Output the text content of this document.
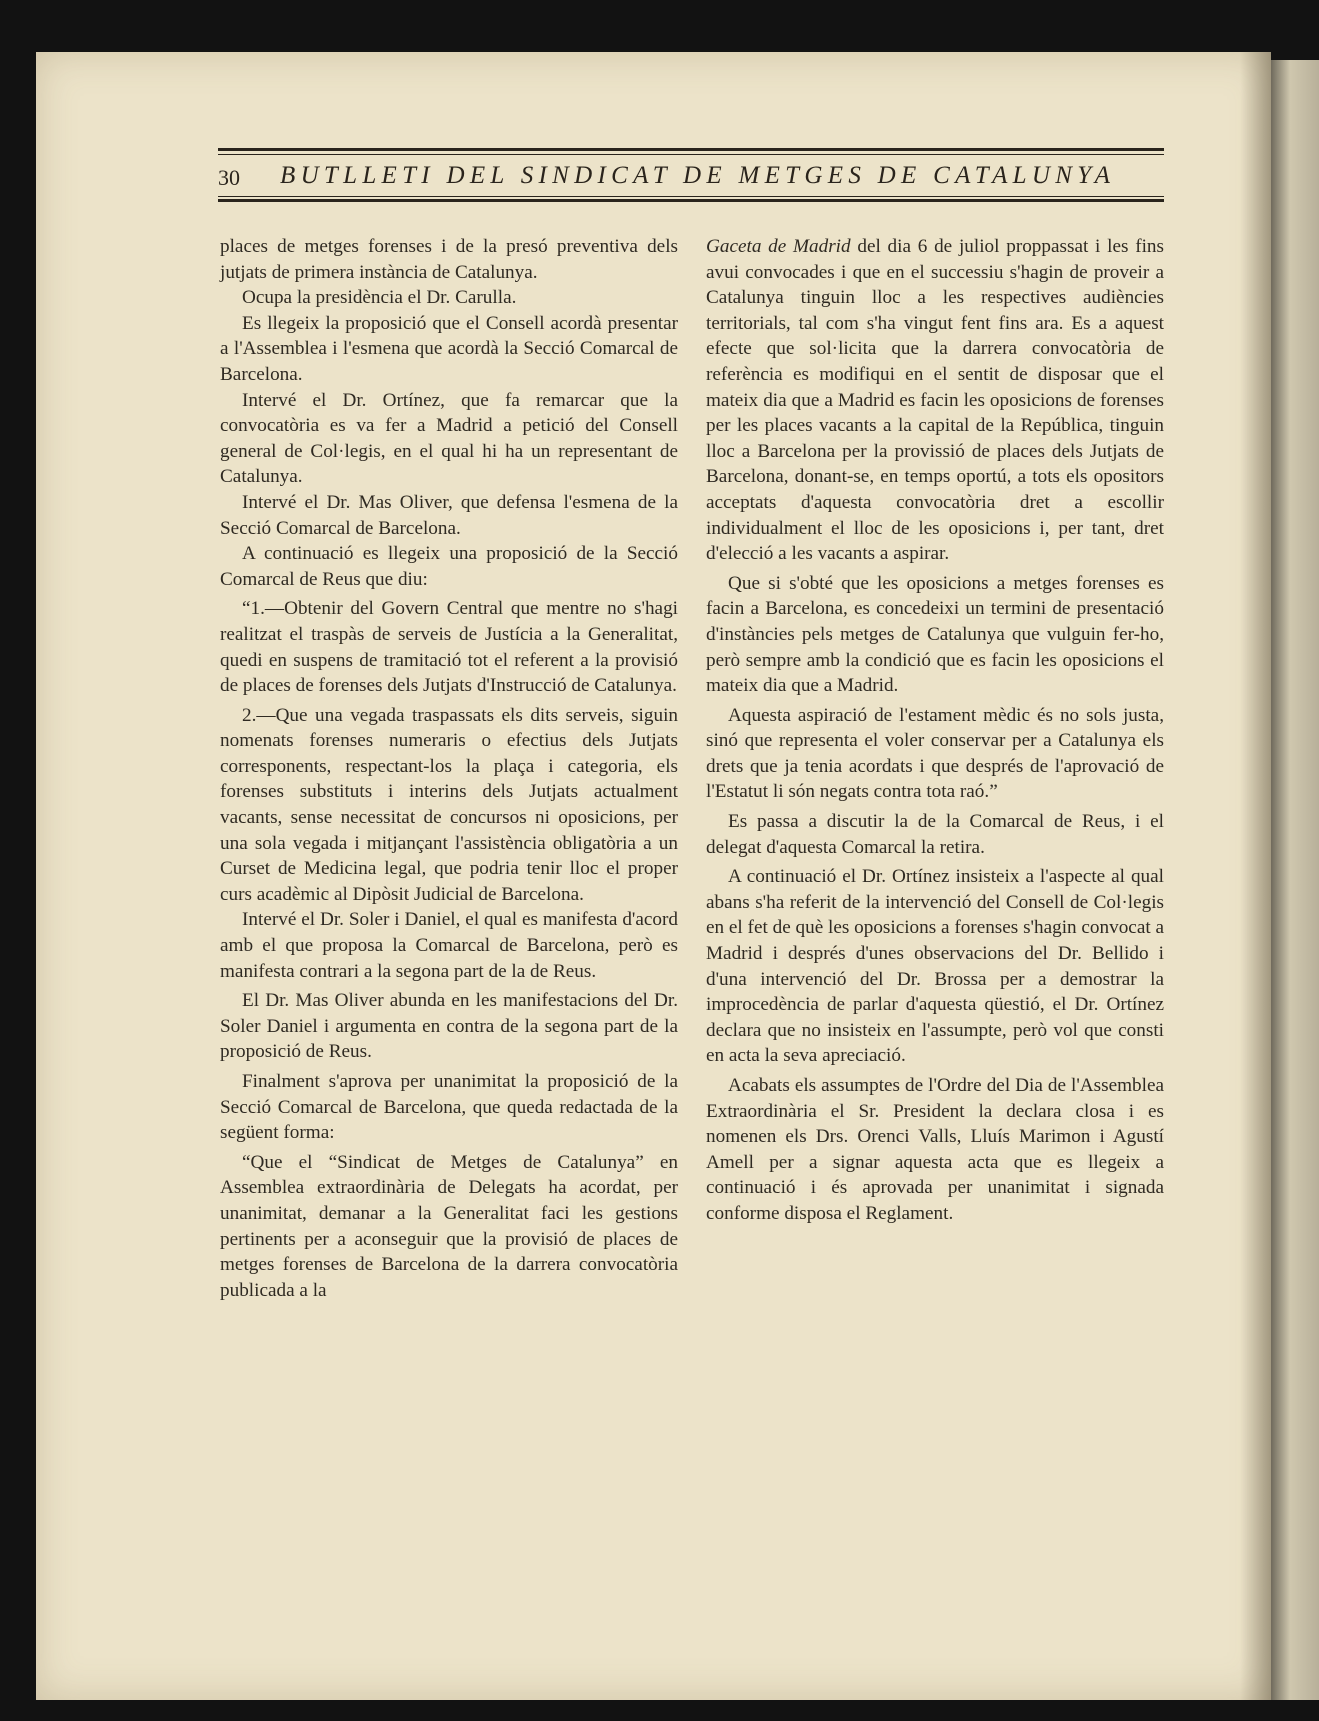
30 BUTLLETI DEL SINDICAT DE METGES DE CATALUNYA

places de metges forenses i de la presó preventiva dels jutjats de primera instància de Catalunya.

Ocupa la presidència el Dr. Carulla.

Es llegeix la proposició que el Consell acordà presentar a l'Assemblea i l'esmena que acordà la Secció Comarcal de Barcelona.

Intervé el Dr. Ortínez, que fa remarcar que la convocatòria es va fer a Madrid a petició del Consell general de Col·legis, en el qual hi ha un representant de Catalunya.

Intervé el Dr. Mas Oliver, que defensa l'esmena de la Secció Comarcal de Barcelona.

A continuació es llegeix una proposició de la Secció Comarcal de Reus que diu:

“1.—Obtenir del Govern Central que mentre no s'hagi realitzat el traspàs de serveis de Justícia a la Generalitat, quedi en suspens de tramitació tot el referent a la provisió de places de forenses dels Jutjats d'Instrucció de Catalunya.

2.—Que una vegada traspassats els dits serveis, siguin nomenats forenses numeraris o efectius dels Jutjats corresponents, respectant-los la plaça i categoria, els forenses substituts i interins dels Jutjats actualment vacants, sense necessitat de concursos ni oposicions, per una sola vegada i mitjançant l'assistència obligatòria a un Curset de Medicina legal, que podria tenir lloc el proper curs acadèmic al Dipòsit Judicial de Barcelona.

Intervé el Dr. Soler i Daniel, el qual es manifesta d'acord amb el que proposa la Comarcal de Barcelona, però es manifesta contrari a la segona part de la de Reus.

El Dr. Mas Oliver abunda en les manifestacions del Dr. Soler Daniel i argumenta en contra de la segona part de la proposició de Reus.

Finalment s'aprova per unanimitat la proposició de la Secció Comarcal de Barcelona, que queda redactada de la següent forma:

“Que el “Sindicat de Metges de Catalunya” en Assemblea extraordinària de Delegats ha acordat, per unanimitat, demanar a la Generalitat faci les gestions pertinents per a aconseguir que la provisió de places de metges forenses de Barcelona de la darrera convocatòria publicada a la

Gaceta de Madrid del dia 6 de juliol proppassat i les fins avui convocades i que en el successiu s'hagin de proveir a Catalunya tinguin lloc a les respectives audiències territorials, tal com s'ha vingut fent fins ara. Es a aquest efecte que sol·licita que la darrera convocatòria de referència es modifiqui en el sentit de disposar que el mateix dia que a Madrid es facin les oposicions de forenses per les places vacants a la capital de la República, tinguin lloc a Barcelona per la provissió de places dels Jutjats de Barcelona, donant-se, en temps oportú, a tots els opositors acceptats d'aquesta convocatòria dret a escollir individualment el lloc de les oposicions i, per tant, dret d'elecció a les vacants a aspirar.

Que si s'obté que les oposicions a metges forenses es facin a Barcelona, es concedeixi un termini de presentació d'instàncies pels metges de Catalunya que vulguin fer-ho, però sempre amb la condició que es facin les oposicions el mateix dia que a Madrid.

Aquesta aspiració de l'estament mèdic és no sols justa, sinó que representa el voler conservar per a Catalunya els drets que ja tenia acordats i que després de l'aprovació de l'Estatut li són negats contra tota raó.”

Es passa a discutir la de la Comarcal de Reus, i el delegat d'aquesta Comarcal la retira.

A continuació el Dr. Ortínez insisteix a l'aspecte al qual abans s'ha referit de la intervenció del Consell de Col·legis en el fet de què les oposicions a forenses s'hagin convocat a Madrid i després d'unes observacions del Dr. Bellido i d'una intervenció del Dr. Brossa per a demostrar la improcedència de parlar d'aquesta qüestió, el Dr. Ortínez declara que no insisteix en l'assumpte, però vol que consti en acta la seva apreciació.

Acabats els assumptes de l'Ordre del Dia de l'Assemblea Extraordinària el Sr. President la declara closa i es nomenen els Drs. Orenci Valls, Lluís Marimon i Agustí Amell per a signar aquesta acta que es llegeix a continuació i és aprovada per unanimitat i signada conforme disposa el Reglament.
